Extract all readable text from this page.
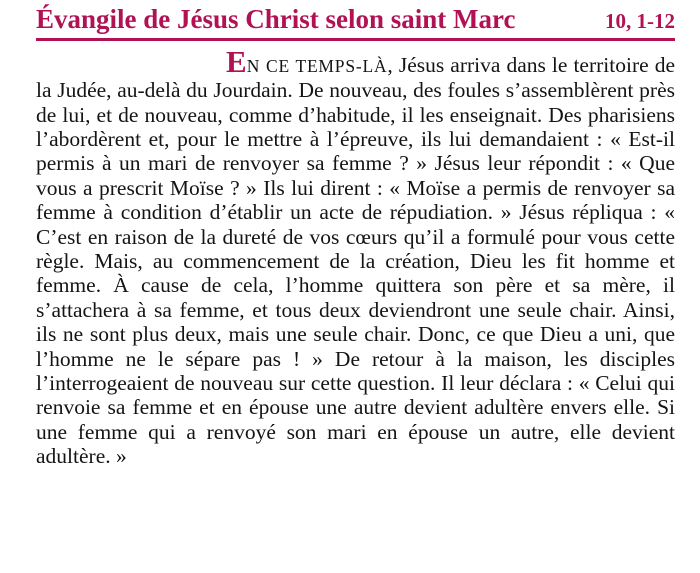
Évangile de Jésus Christ selon saint Marc	10, 1-12

EN CE TEMPS-LÀ, Jésus arriva dans le territoire de la Judée, au-delà du Jourdain. De nouveau, des foules s’assemblèrent près de lui, et de nouveau, comme d’habitude, il les enseignait. Des pharisiens l’abordèrent et, pour le mettre à l’épreuve, ils lui demandaient : « Est-il permis à un mari de renvoyer sa femme ? » Jésus leur répondit : « Que vous a prescrit Moïse ? » Ils lui dirent : « Moïse a permis de renvoyer sa femme à condition d’établir un acte de répudiation. » Jésus répliqua : « C’est en raison de la dureté de vos cœurs qu’il a formulé pour vous cette règle. Mais, au commencement de la création, Dieu les fit homme et femme. À cause de cela, l’homme quittera son père et sa mère, il s’attachera à sa femme, et tous deux deviendront une seule chair. Ainsi, ils ne sont plus deux, mais une seule chair. Donc, ce que Dieu a uni, que l’homme ne le sépare pas ! » De retour à la maison, les disciples l’interrogeaient de nouveau sur cette question. Il leur déclara : « Celui qui renvoie sa femme et en épouse une autre devient adultère envers elle. Si une femme qui a renvoyé son mari en épouse un autre, elle devient adultère. »
